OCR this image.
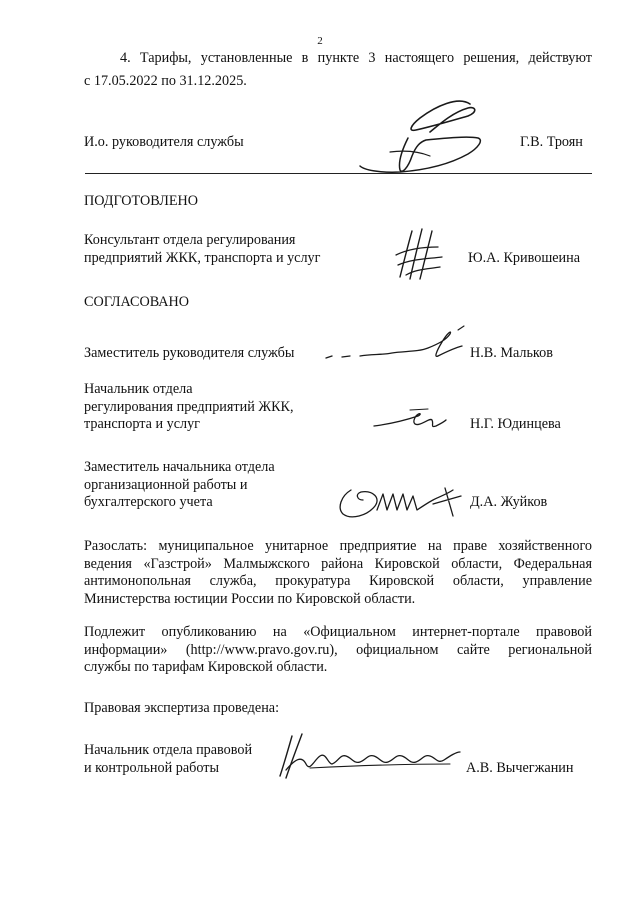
2
4. Тарифы, установленные в пункте 3 настоящего решения, действуют
с 17.05.2022 по 31.12.2025.
И.о. руководителя службы	Г.В. Троян
ПОДГОТОВЛЕНО
Консультант отдела регулирования
предприятий ЖКК, транспорта и услуг	Ю.А. Кривошеина
СОГЛАСОВАНО
Заместитель руководителя службы	Н.В. Мальков
Начальник отдела
регулирования предприятий ЖКК,
транспорта и услуг	Н.Г. Юдинцева
Заместитель начальника отдела
организационной работы и
бухгалтерского учета	Д.А. Жуйков
Разослать: муниципальное унитарное предприятие на праве хозяйственного
ведения «Газстрой» Малмыжского района Кировской области, Федеральная
антимонопольная служба, прокуратура Кировской области, управление
Министерства юстиции России по Кировской области.
Подлежит опубликованию на «Официальном интернет-портале правовой
информации» (http://www.pravo.gov.ru), официальном сайте региональной
службы по тарифам Кировской области.
Правовая экспертиза проведена:
Начальник отдела правовой
и контрольной работы	А.В. Вычегжанин
